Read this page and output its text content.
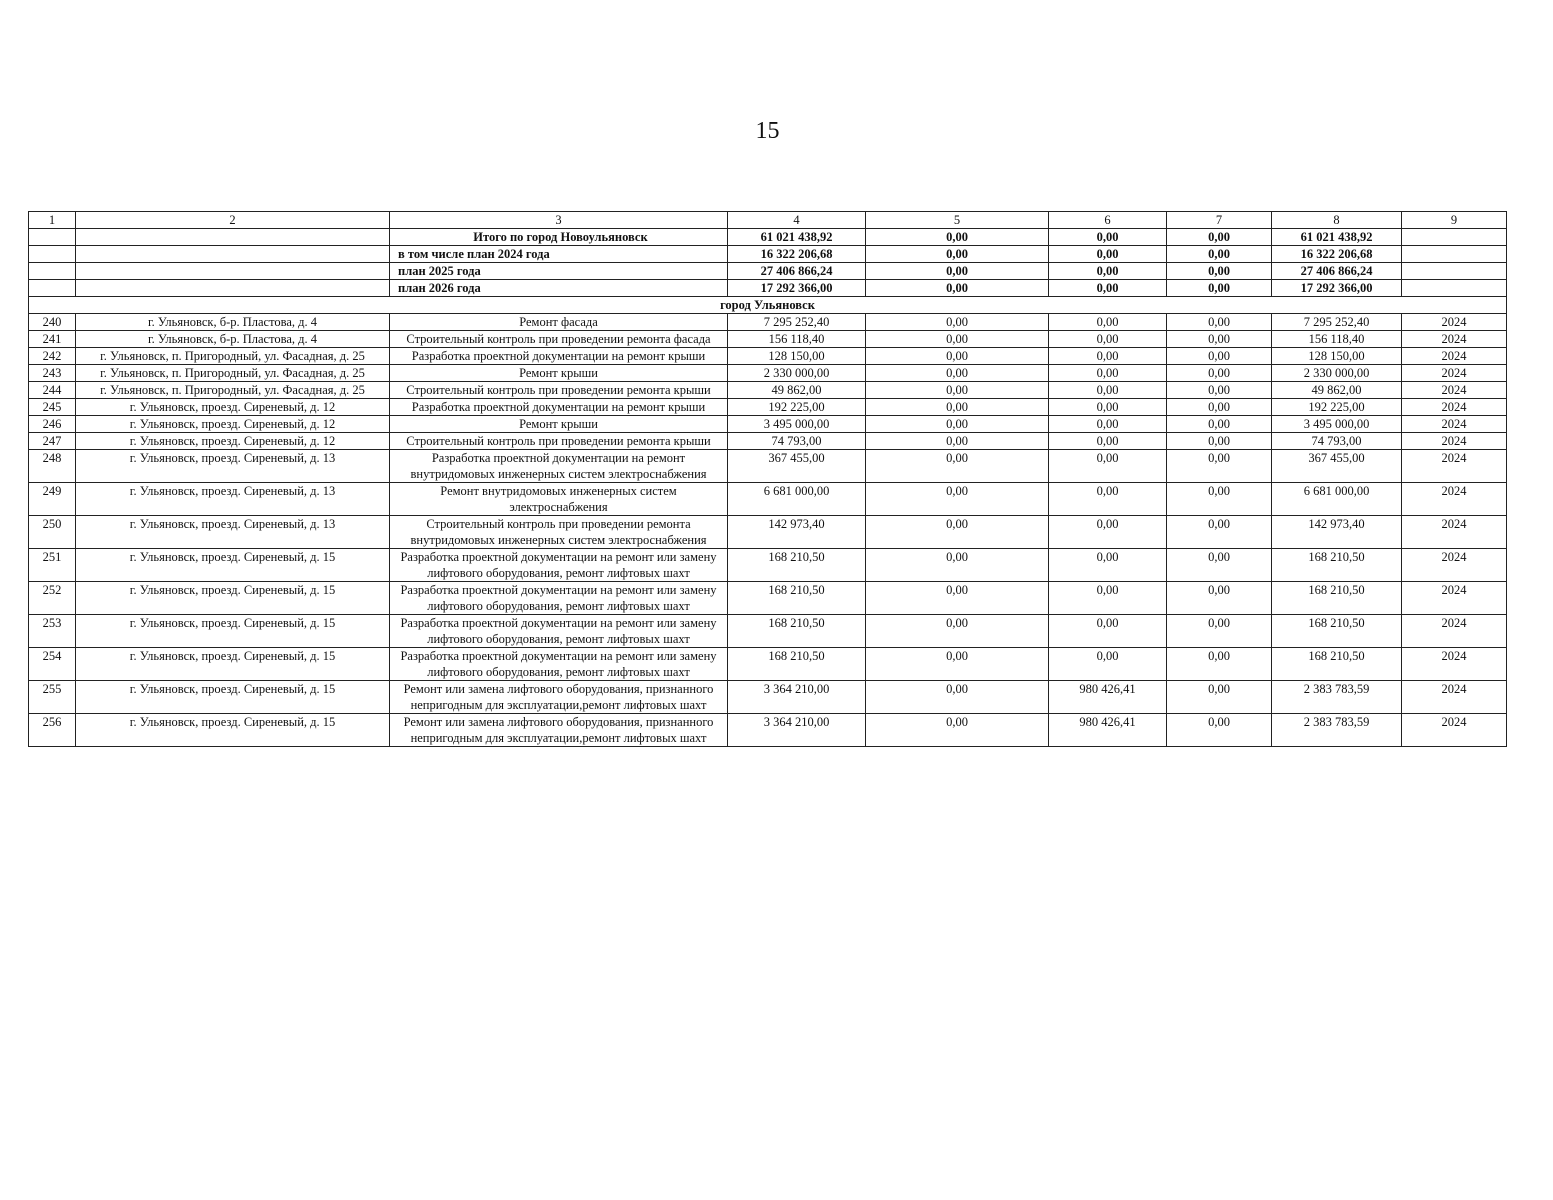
15
1	2	3	4	5	6	7	8	9
		Итого по город Новоульяновск	61 021 438,92	0,00	0,00	0,00	61 021 438,92	
		в том числе план 2024 года	16 322 206,68	0,00	0,00	0,00	16 322 206,68	
		план 2025 года	27 406 866,24	0,00	0,00	0,00	27 406 866,24	
		план 2026 года	17 292 366,00	0,00	0,00	0,00	17 292 366,00	
город Ульяновск								
240	г. Ульяновск, б-р. Пластова, д. 4	Ремонт фасада	7 295 252,40	0,00	0,00	0,00	7 295 252,40	2024
241	г. Ульяновск, б-р. Пластова, д. 4	Строительный контроль при проведении ремонта фасада	156 118,40	0,00	0,00	0,00	156 118,40	2024
242	г. Ульяновск, п. Пригородный, ул. Фасадная, д. 25	Разработка проектной документации на ремонт крыши	128 150,00	0,00	0,00	0,00	128 150,00	2024
243	г. Ульяновск, п. Пригородный, ул. Фасадная, д. 25	Ремонт крыши	2 330 000,00	0,00	0,00	0,00	2 330 000,00	2024
244	г. Ульяновск, п. Пригородный, ул. Фасадная, д. 25	Строительный контроль при проведении ремонта крыши	49 862,00	0,00	0,00	0,00	49 862,00	2024
245	г. Ульяновск, проезд. Сиреневый, д. 12	Разработка проектной документации на ремонт крыши	192 225,00	0,00	0,00	0,00	192 225,00	2024
246	г. Ульяновск, проезд. Сиреневый, д. 12	Ремонт крыши	3 495 000,00	0,00	0,00	0,00	3 495 000,00	2024
247	г. Ульяновск, проезд. Сиреневый, д. 12	Строительный контроль при проведении ремонта крыши	74 793,00	0,00	0,00	0,00	74 793,00	2024
248	г. Ульяновск, проезд. Сиреневый, д. 13	Разработка проектной документации на ремонт внутридомовых инженерных систем электроснабжения	367 455,00	0,00	0,00	0,00	367 455,00	2024
249	г. Ульяновск, проезд. Сиреневый, д. 13	Ремонт внутридомовых инженерных систем электроснабжения	6 681 000,00	0,00	0,00	0,00	6 681 000,00	2024
250	г. Ульяновск, проезд. Сиреневый, д. 13	Строительный контроль при проведении ремонта внутридомовых инженерных систем электроснабжения	142 973,40	0,00	0,00	0,00	142 973,40	2024
251	г. Ульяновск, проезд. Сиреневый, д. 15	Разработка проектной документации на ремонт или замену лифтового оборудования, ремонт лифтовых шахт	168 210,50	0,00	0,00	0,00	168 210,50	2024
252	г. Ульяновск, проезд. Сиреневый, д. 15	Разработка проектной документации на ремонт или замену лифтового оборудования, ремонт лифтовых шахт	168 210,50	0,00	0,00	0,00	168 210,50	2024
253	г. Ульяновск, проезд. Сиреневый, д. 15	Разработка проектной документации на ремонт или замену лифтового оборудования, ремонт лифтовых шахт	168 210,50	0,00	0,00	0,00	168 210,50	2024
254	г. Ульяновск, проезд. Сиреневый, д. 15	Разработка проектной документации на ремонт или замену лифтового оборудования, ремонт лифтовых шахт	168 210,50	0,00	0,00	0,00	168 210,50	2024
255	г. Ульяновск, проезд. Сиреневый, д. 15	Ремонт или замена лифтового оборудования, признанного непригодным для эксплуатации,ремонт лифтовых шахт	3 364 210,00	0,00	980 426,41	0,00	2 383 783,59	2024
256	г. Ульяновск, проезд. Сиреневый, д. 15	Ремонт или замена лифтового оборудования, признанного непригодным для эксплуатации,ремонт лифтовых шахт	3 364 210,00	0,00	980 426,41	0,00	2 383 783,59	2024
